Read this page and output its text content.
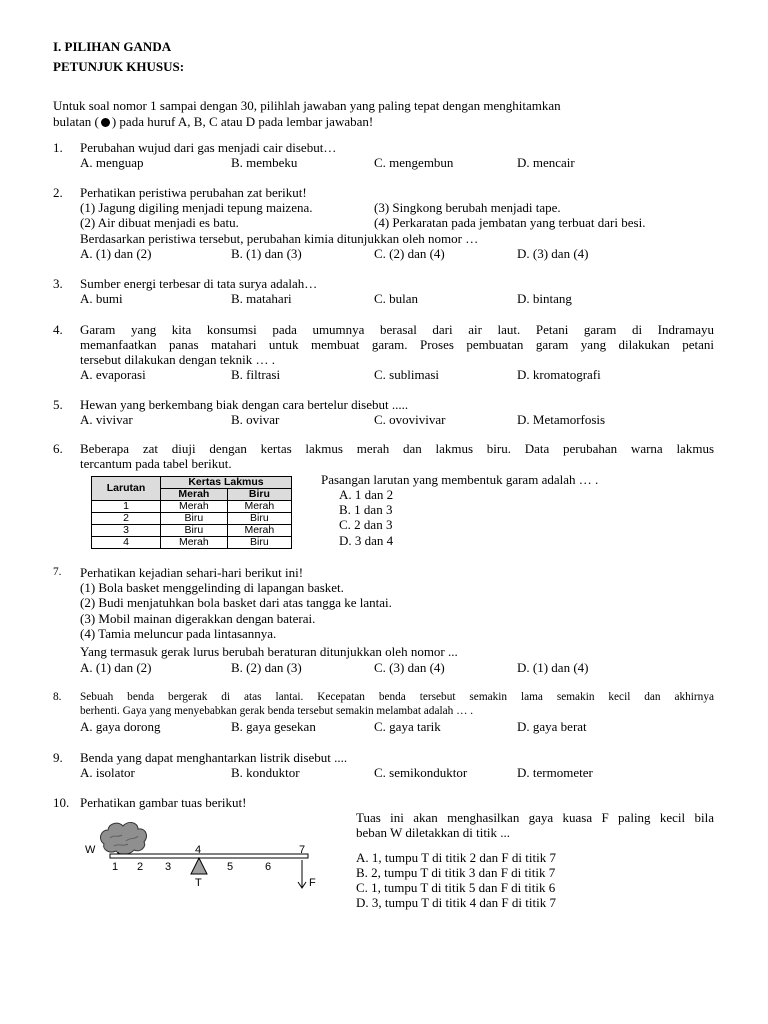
I. PILIHAN GANDA
PETUNJUK KHUSUS:
Untuk soal nomor 1 sampai dengan 30, pilihlah jawaban yang paling tepat dengan menghitamkan
bulatan ( ) pada huruf A, B, C atau D pada lembar jawaban!
1. Perubahan wujud dari gas menjadi cair disebut…
A. menguap	B. membeku	C. mengembun	D. mencair
2. Perhatikan peristiwa perubahan zat berikut!
(1) Jagung digiling menjadi tepung maizena.	(3) Singkong berubah menjadi tape.
(2) Air dibuat menjadi es batu.	(4) Perkaratan pada jembatan yang terbuat dari besi.
Berdasarkan peristiwa tersebut, perubahan kimia ditunjukkan oleh nomor …
A. (1) dan (2)	B. (1) dan (3)	C. (2) dan (4)	D. (3) dan (4)
3. Sumber energi terbesar di tata surya adalah…
A. bumi	B. matahari	C. bulan	D. bintang
4. Garam yang kita konsumsi pada umumnya berasal dari air laut. Petani garam di Indramayu
memanfaatkan panas matahari untuk membuat garam. Proses pembuatan garam yang dilakukan petani
tersebut dilakukan dengan teknik … .
A. evaporasi	B. filtrasi	C. sublimasi	D. kromatografi
5. Hewan yang berkembang biak dengan cara bertelur disebut .....
A. vivivar	B. ovivar	C. ovovivivar	D. Metamorfosis
6. Beberapa zat diuji dengan kertas lakmus merah dan lakmus biru. Data perubahan warna lakmus
tercantum pada tabel berikut.
Larutan	Kertas Lakmus	
	Merah	Biru
1	Merah	Merah
2	Biru	Biru
3	Biru	Merah
4	Merah	Biru
Pasangan larutan yang membentuk garam adalah … .
A. 1 dan 2
B. 1 dan 3
C. 2 dan 3
D. 3 dan 4
7. Perhatikan kejadian sehari-hari berikut ini!
(1) Bola basket menggelinding di lapangan basket.
(2) Budi menjatuhkan bola basket dari atas tangga ke lantai.
(3) Mobil mainan digerakkan dengan baterai.
(4) Tamia meluncur pada lintasannya.
Yang termasuk gerak lurus berubah beraturan ditunjukkan oleh nomor ...
A. (1) dan (2)	B. (2) dan (3)	C. (3) dan (4)	D. (1) dan (4)
8. Sebuah benda bergerak di atas lantai. Kecepatan benda tersebut semakin lama semakin kecil dan akhirnya
berhenti. Gaya yang menyebabkan gerak benda tersebut semakin melambat adalah … .
A. gaya dorong	B. gaya gesekan	C. gaya tarik	D. gaya berat
9. Benda yang dapat menghantarkan listrik disebut ....
A. isolator	B. konduktor	C. semikonduktor	D. termometer
10. Perhatikan gambar tuas berikut!
Tuas ini akan menghasilkan gaya kuasa F paling kecil bila
beban W diletakkan di titik ...
A. 1, tumpu T di titik 2 dan F di titik 7
B. 2, tumpu T di titik 3 dan F di titik 7
C. 1, tumpu T di titik 5 dan F di titik 6
D. 3, tumpu T di titik 4 dan F di titik 7
W
1 2 3
4
5	6
7
T	F
